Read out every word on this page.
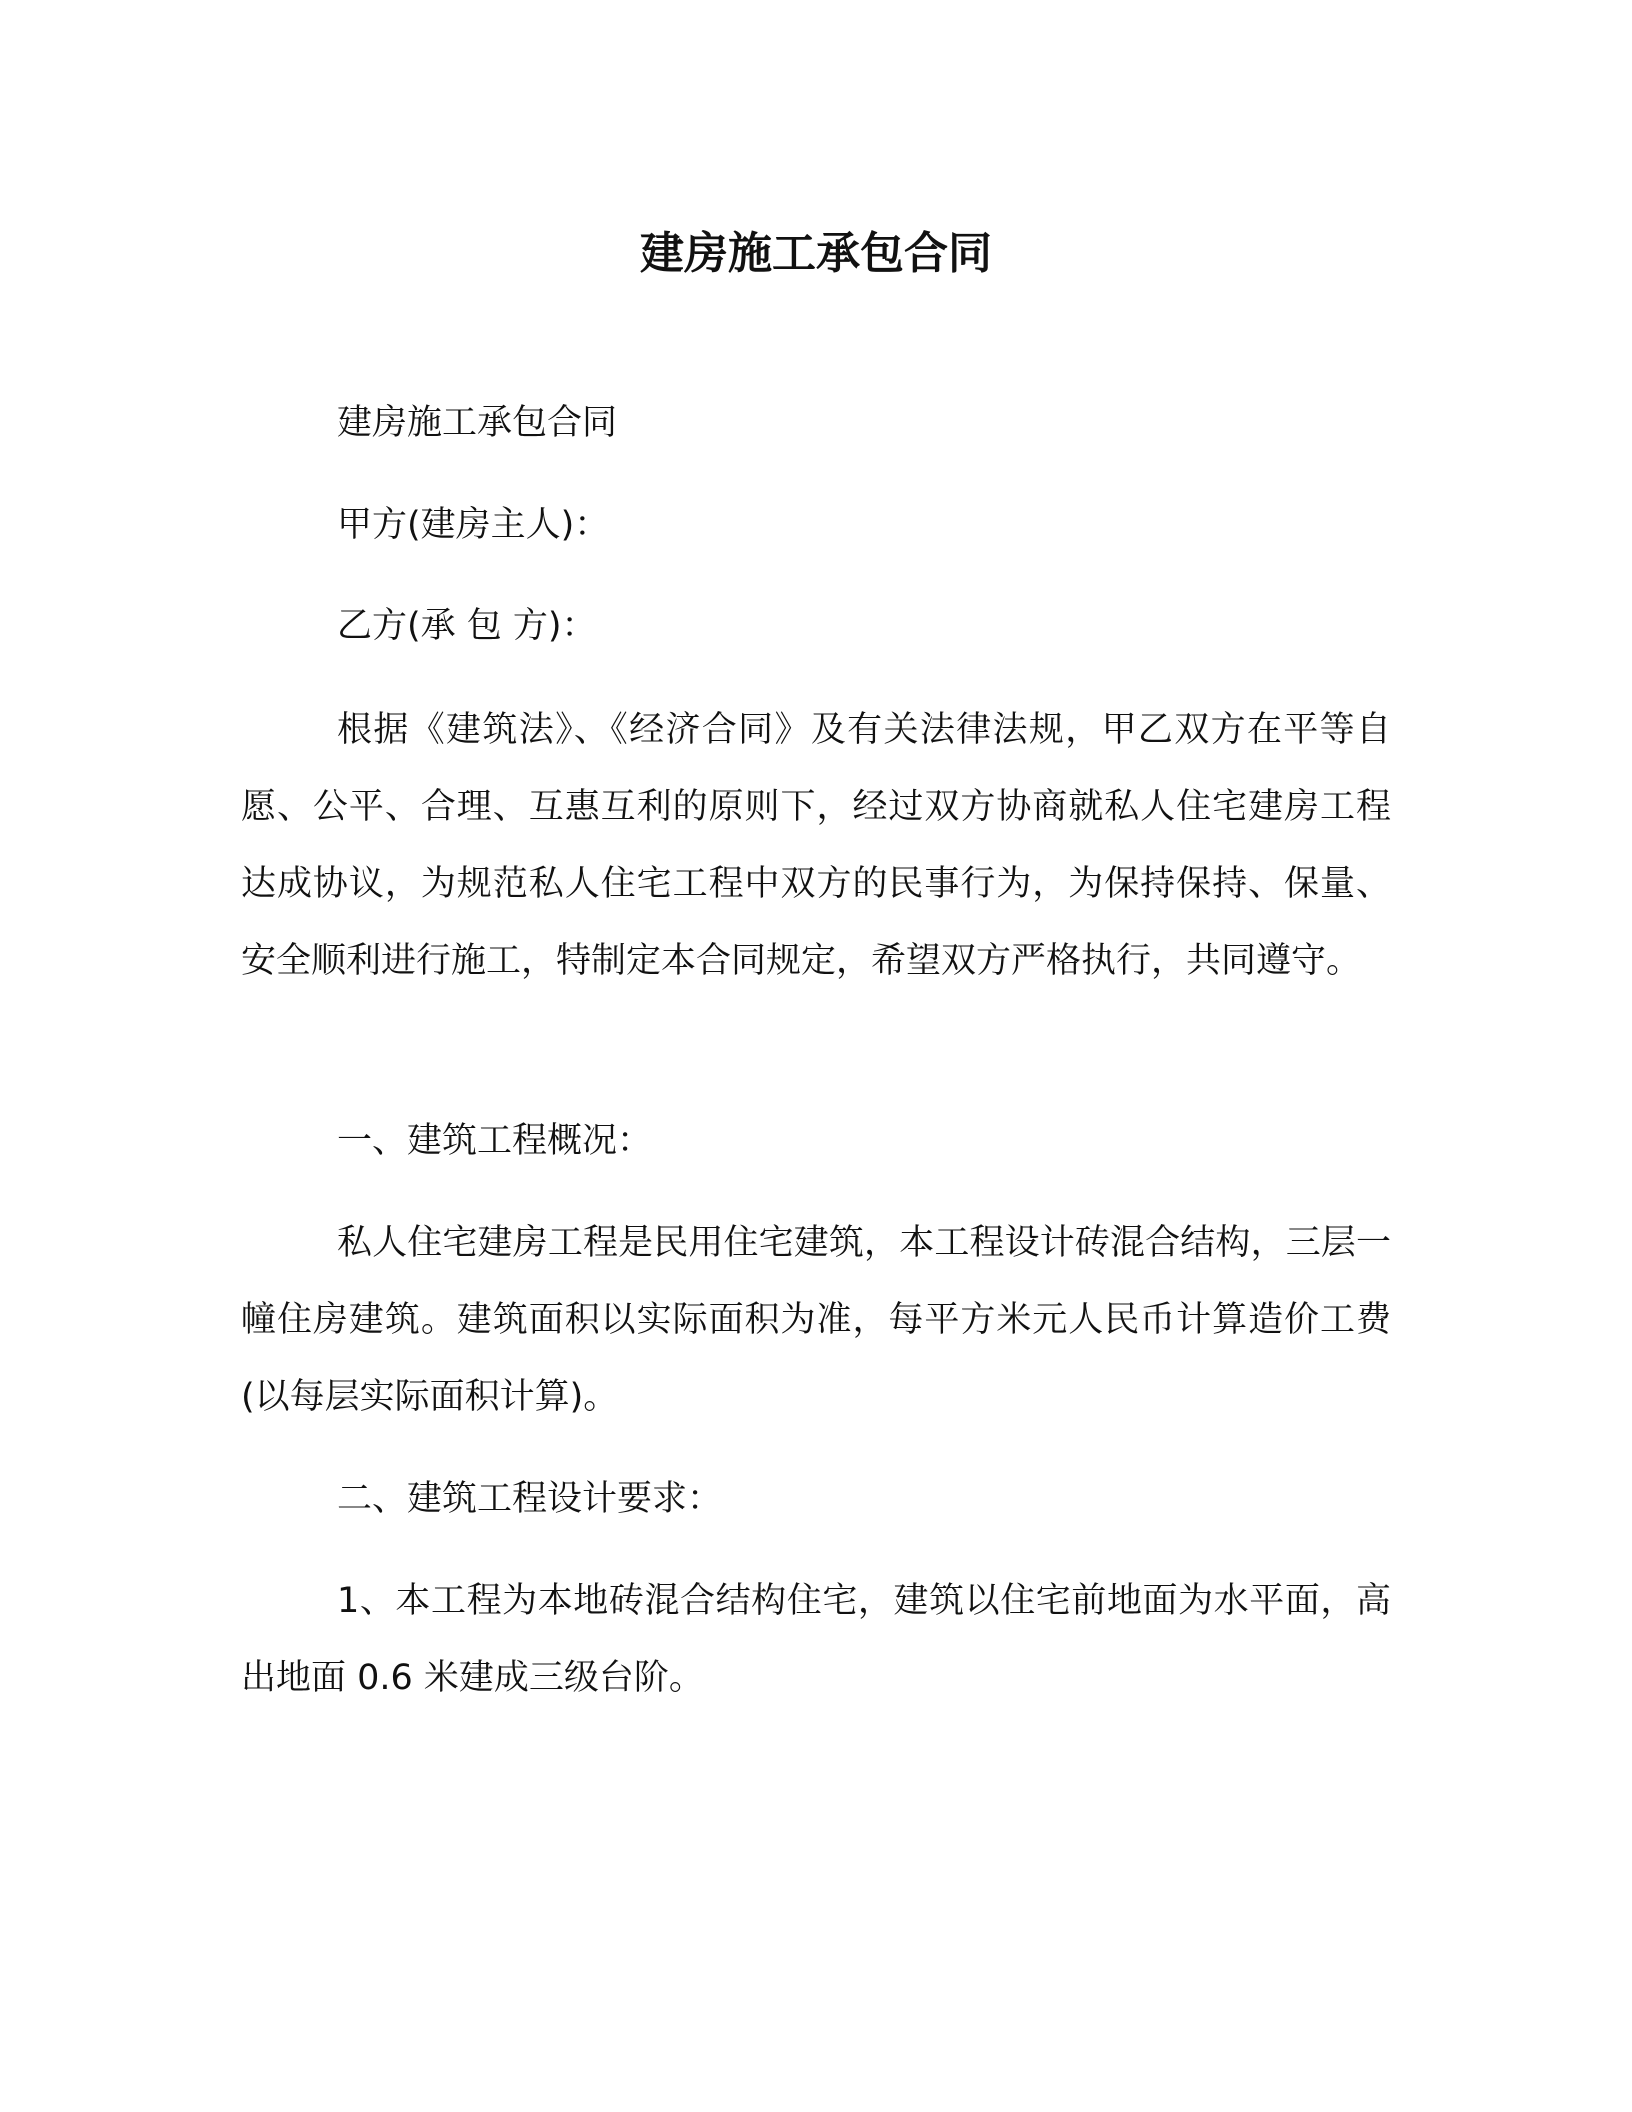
建房施工承包合同

建房施工承包合同

甲方(建房主人)：

乙方(承 包 方)：

根据《建筑法》、《经济合同》及有关法律法规，甲乙双方在平等自愿、公平、合理、互惠互利的原则下，经过双方协商就私人住宅建房工程达成协议，为规范私人住宅工程中双方的民事行为，为保持保持、保量、安全顺利进行施工，特制定本合同规定，希望双方严格执行，共同遵守。

一、建筑工程概况：

私人住宅建房工程是民用住宅建筑，本工程设计砖混合结构，三层一幢住房建筑。建筑面积以实际面积为准，每平方米元人民币计算造价工费(以每层实际面积计算)。

二、建筑工程设计要求：

1、本工程为本地砖混合结构住宅，建筑以住宅前地面为水平面，高出地面 0.6 米建成三级台阶。
